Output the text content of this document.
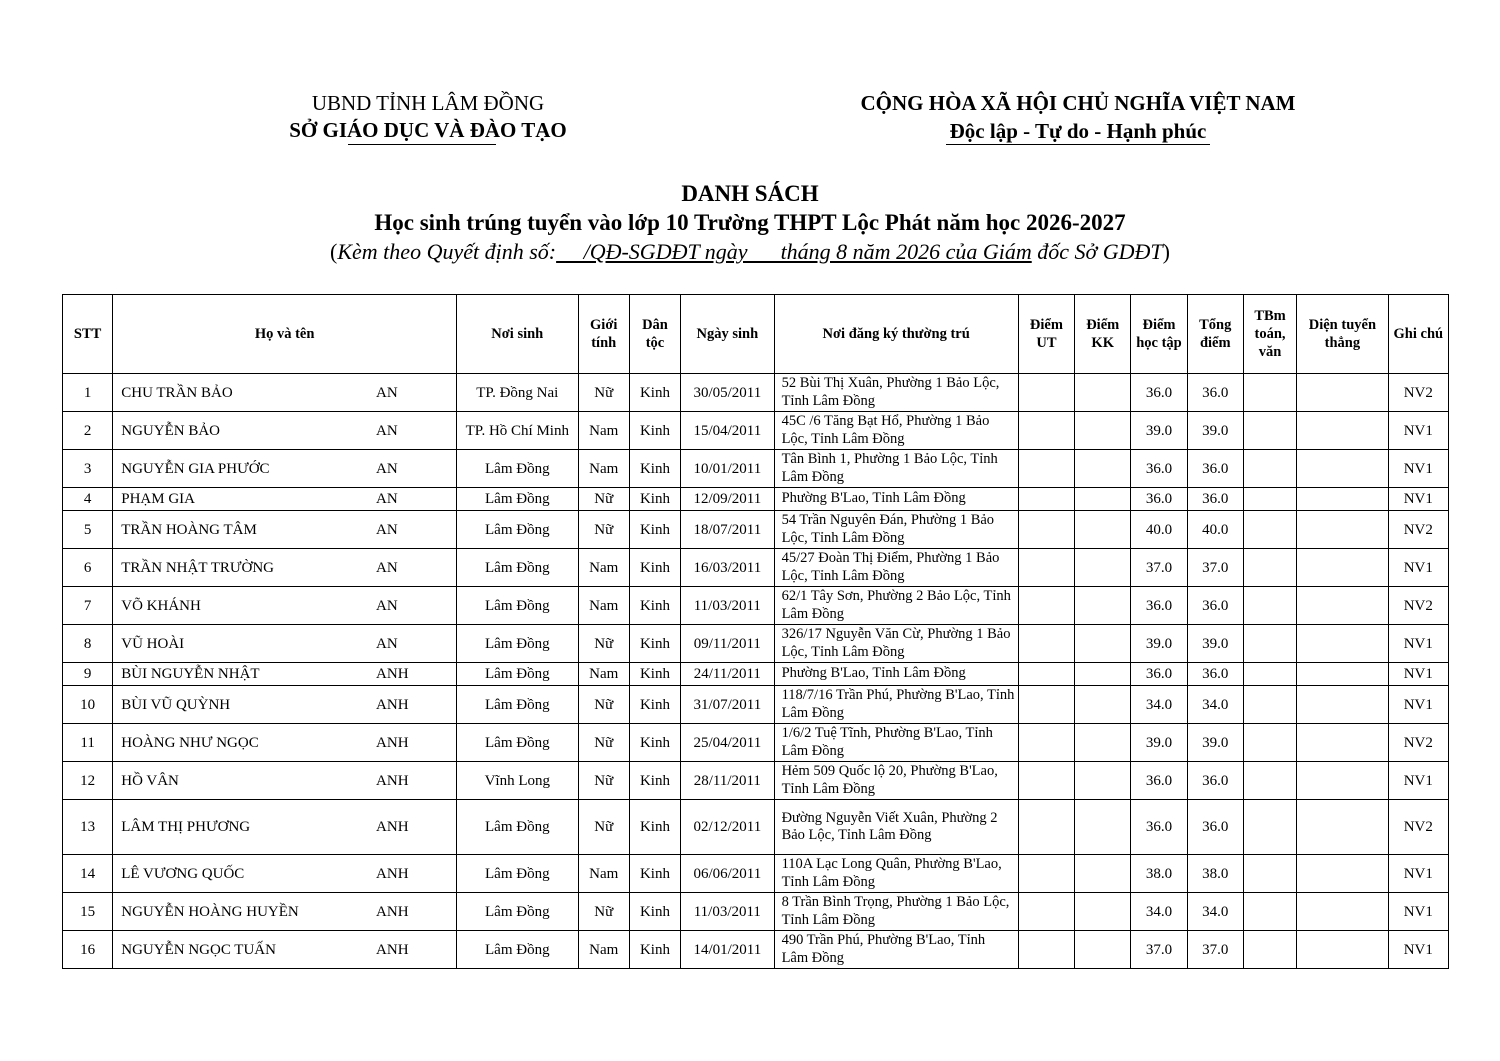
UBND TỈNH LÂM ĐỒNG
SỞ GIÁO DỤC VÀ ĐÀO TẠO
CỘNG HÒA XÃ HỘI CHỦ NGHĨA VIỆT NAM
Độc lập - Tự do - Hạnh phúc
DANH SÁCH
Học sinh trúng tuyển vào lớp 10 Trường THPT Lộc Phát năm học 2026-2027
(Kèm theo Quyết định số:     /QĐ-SGDĐT ngày      tháng 8 năm 2026 của Giám đốc Sở GDĐT)
STT	Họ và tên		Nơi sinh	Giới tính	Dân tộc	Ngày sinh	Nơi đăng ký thường trú	Điểm UT	Điểm KK	Điểm học tập	Tổng điểm	TBm toán, văn	Diện tuyển thẳng	Ghi chú
1	CHU TRẦN BẢO	AN	TP. Đồng Nai	Nữ	Kinh	30/05/2011	52 Bùi Thị Xuân, Phường 1 Bảo Lộc, Tỉnh Lâm Đồng			36.0	36.0			NV2
2	NGUYỄN BẢO	AN	TP. Hồ Chí Minh	Nam	Kinh	15/04/2011	45C /6 Tăng Bạt Hổ, Phường 1 Bảo Lộc, Tỉnh Lâm Đồng			39.0	39.0			NV1
3	NGUYỄN GIA PHƯỚC	AN	Lâm Đồng	Nam	Kinh	10/01/2011	Tân Bình 1, Phường 1 Bảo Lộc, Tỉnh Lâm Đồng			36.0	36.0			NV1
4	PHẠM GIA	AN	Lâm Đồng	Nữ	Kinh	12/09/2011	Phường B'Lao, Tỉnh Lâm Đồng			36.0	36.0			NV1
5	TRẦN HOÀNG TÂM	AN	Lâm Đồng	Nữ	Kinh	18/07/2011	54 Trần Nguyên Đán, Phường 1 Bảo Lộc, Tỉnh Lâm Đồng			40.0	40.0			NV2
6	TRẦN NHẬT TRƯỜNG	AN	Lâm Đồng	Nam	Kinh	16/03/2011	45/27 Đoàn Thị Điểm, Phường 1 Bảo Lộc, Tỉnh Lâm Đồng			37.0	37.0			NV1
7	VÕ KHÁNH	AN	Lâm Đồng	Nam	Kinh	11/03/2011	62/1 Tây Sơn, Phường 2 Bảo Lộc, Tỉnh Lâm Đồng			36.0	36.0			NV2
8	VŨ HOÀI	AN	Lâm Đồng	Nữ	Kinh	09/11/2011	326/17 Nguyễn Văn Cừ, Phường 1 Bảo Lộc, Tỉnh Lâm Đồng			39.0	39.0			NV1
9	BÙI NGUYỄN NHẬT	ANH	Lâm Đồng	Nam	Kinh	24/11/2011	Phường B'Lao, Tỉnh Lâm Đồng			36.0	36.0			NV1
10	BÙI VŨ QUỲNH	ANH	Lâm Đồng	Nữ	Kinh	31/07/2011	118/7/16 Trần Phú, Phường B'Lao, Tỉnh Lâm Đồng			34.0	34.0			NV1
11	HOÀNG NHƯ NGỌC	ANH	Lâm Đồng	Nữ	Kinh	25/04/2011	1/6/2 Tuệ Tĩnh, Phường B'Lao, Tỉnh Lâm Đồng			39.0	39.0			NV2
12	HỒ VÂN	ANH	Vĩnh Long	Nữ	Kinh	28/11/2011	Hẻm 509 Quốc lộ 20, Phường B'Lao, Tỉnh Lâm Đồng			36.0	36.0			NV1
13	LÂM THỊ PHƯƠNG	ANH	Lâm Đồng	Nữ	Kinh	02/12/2011	Đường Nguyễn Viết Xuân, Phường 2 Bảo Lộc, Tỉnh Lâm Đồng			36.0	36.0			NV2
14	LÊ VƯƠNG QUỐC	ANH	Lâm Đồng	Nam	Kinh	06/06/2011	110A Lạc Long Quân, Phường B'Lao, Tỉnh Lâm Đồng			38.0	38.0			NV1
15	NGUYỄN HOÀNG HUYỀN	ANH	Lâm Đồng	Nữ	Kinh	11/03/2011	8 Trần Bình Trọng, Phường 1 Bảo Lộc, Tỉnh Lâm Đồng			34.0	34.0			NV1
16	NGUYỄN NGỌC TUẤN	ANH	Lâm Đồng	Nam	Kinh	14/01/2011	490 Trần Phú, Phường B'Lao, Tỉnh Lâm Đồng			37.0	37.0			NV1
